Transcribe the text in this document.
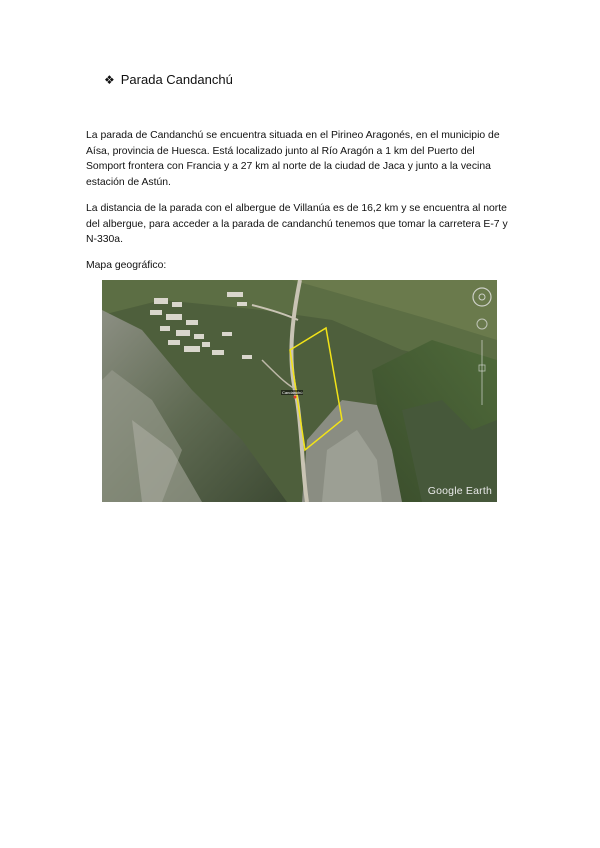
❖ Parada Candanchú
La parada de Candanchú se encuentra situada en el Pirineo Aragonés, en el municipio de Aísa, provincia de Huesca. Está localizado junto al Río Aragón a 1 km del Puerto del Somport frontera con Francia y a 27 km al norte de la ciudad de Jaca y junto a la vecina estación de Astún.
La distancia de la parada con el albergue de Villanúa es de 16,2 km y se encuentra al norte del albergue, para acceder a la parada de candanchú tenemos que tomar la carretera E-7 y N-330a.
Mapa geográfico:
Candanchú
Google Earth
